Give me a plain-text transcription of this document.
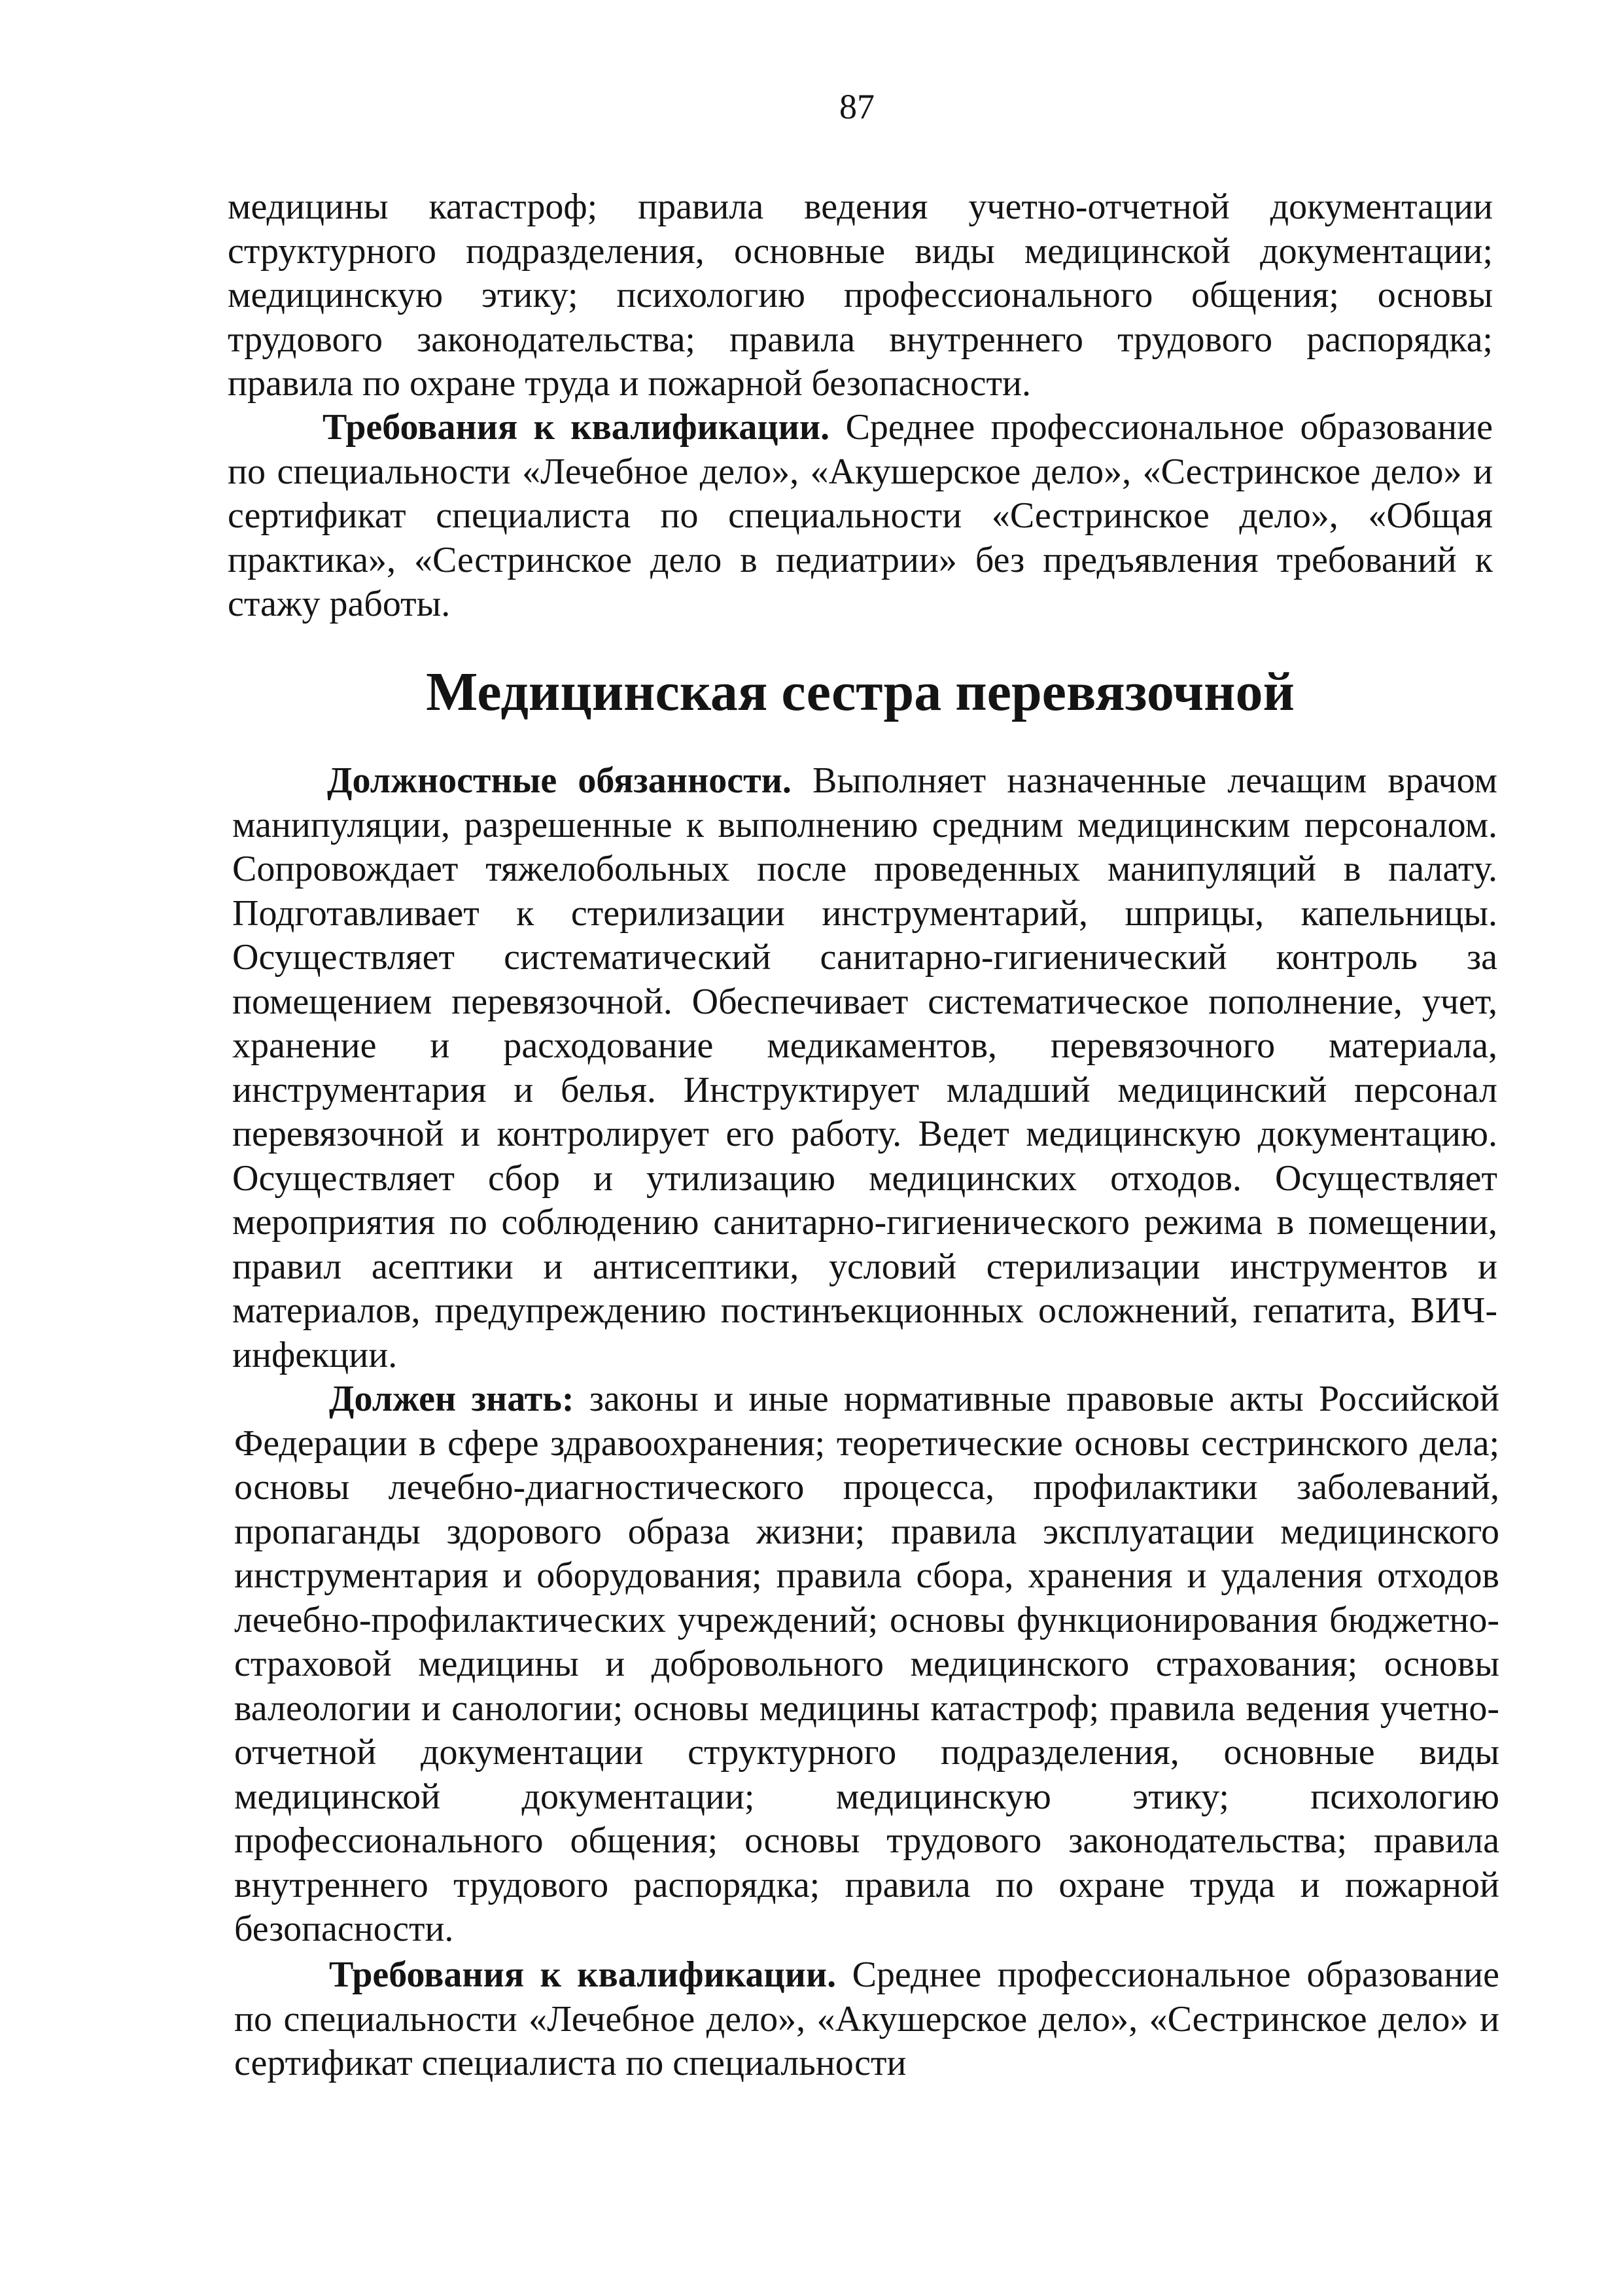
87

медицины катастроф; правила ведения учетно-отчетной документации структурного подразделения, основные виды медицинской документации; медицинскую этику; психологию профессионального общения; основы трудового законодательства; правила внутреннего трудового распорядка; правила по охране труда и пожарной безопасности.

Требования к квалификации. Среднее профессиональное образование по специальности «Лечебное дело», «Акушерское дело», «Сестринское дело» и сертификат специалиста по специальности «Сестринское дело», «Общая практика», «Сестринское дело в педиатрии» без предъявления требований к стажу работы.

Медицинская сестра перевязочной

Должностные обязанности. Выполняет назначенные лечащим врачом манипуляции, разрешенные к выполнению средним медицинским персоналом. Сопровождает тяжелобольных после проведенных манипуляций в палату. Подготавливает к стерилизации инструментарий, шприцы, капельницы. Осуществляет систематический санитарно-гигиенический контроль за помещением перевязочной. Обеспечивает систематическое пополнение, учет, хранение и расходование медикаментов, перевязочного материала, инструментария и белья. Инструктирует младший медицинский персонал перевязочной и контролирует его работу. Ведет медицинскую документацию. Осуществляет сбор и утилизацию медицинских отходов. Осуществляет мероприятия по соблюдению санитарно-гигиенического режима в помещении, правил асептики и антисептики, условий стерилизации инструментов и материалов, предупреждению постинъекционных осложнений, гепатита, ВИЧ-инфекции.

Должен знать: законы и иные нормативные правовые акты Российской Федерации в сфере здравоохранения; теоретические основы сестринского дела; основы лечебно-диагностического процесса, профилактики заболеваний, пропаганды здорового образа жизни; правила эксплуатации медицинского инструментария и оборудования; правила сбора, хранения и удаления отходов лечебно-профилактических учреждений; основы функционирования бюджетно-страховой медицины и добровольного медицинского страхования; основы валеологии и санологии; основы медицины катастроф; правила ведения учетно-отчетной документации структурного подразделения, основные виды медицинской документации; медицинскую этику; психологию профессионального общения; основы трудового законодательства; правила внутреннего трудового распорядка; правила по охране труда и пожарной безопасности.

Требования к квалификации. Среднее профессиональное образование по специальности «Лечебное дело», «Акушерское дело», «Сестринское дело» и сертификат специалиста по специальности
